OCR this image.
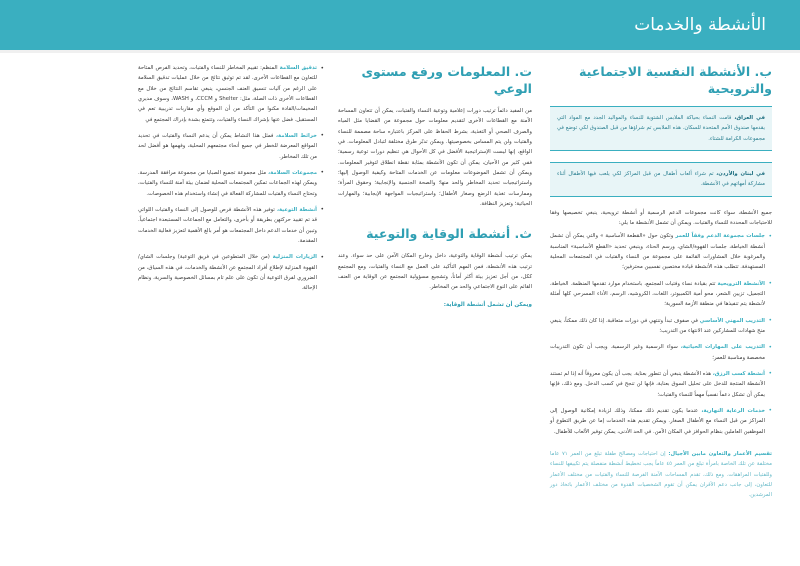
الأنشطة والخدمات
ب. الأنشطة النفسية الاجتماعية والترويحية

في العراق، قامت النساء بحياكة الملابس الشتوية للنساء والمواليد الجدد مع المواد التي يقدمها صندوق الأمم المتحدة للسكان. هذه الملابس تم شراؤها من قبل الصندوق لكي توضع في مجموعات الكرامة للشتاء.

في لبنان والأردن، تم شراء ألعاب أطفال من قبل المراكز لكي يلعب فيها الأطفال أثناء مشاركة أمهاتهم في الأنشطة.

جميع الأنشطة، سواء كانت مجموعات الدعم الرسمية أو أنشطة ترويحية، ينبغي تخصيصها وفقا للاحتياجات المحددة للنساء والفتيات. ويمكن أن تشمل الأنشطة ما يلي:

• جلسات مجموعة الدعم وفقاً للعمر وتكون حول «القطعة الأساسية » والتي يمكن أن تشمل أنشطة الخياطة، جلسات القهوة/الشاي، ورسم الحناء، وينبغي تحديد «القطع الأساسية» المناسبة والمرغوبة خلال المشاورات القائمة على مجموعة من النساء والفتيات في المجتمعات المحلية المستهدفة. تتطلب هذه الأنشطة قيادة مختصين نفسيين محترفين؛
• الأنشطة الترويحية تتم بقيادة نساء وفتيات المجتمع، باستخدام موارد تقدمها المنظمة. الخياطة، التجميل، تزيين الشعر، محو أمية الكمبيوتر، اللغات، الكروشيه، الرسم، الأداء المسرحي كلها أمثلة لأنشطة يتم تنفيذها في منطقة الأزمة السورية؛
• التدريب المهني الأساسي في صفوف تبدأ وتنتهي في دورات متعاقبة. إذا كان ذلك ممكناً، ينبغي منح شهادات للمشاركين عند الانتهاء من التدريب؛
• التدريب على المهارات الحياتية، سواء الرسمية وغير الرسمية. ويجب أن تكون التدريبات مخصصة ومناسبة للعمر؛
• أنشطة كسب الرزق، هذه الأنشطة ينبغي أن تتطور بعناية. يجب أن يكون معروفاً أنه إذا لم تستند الأنشطة المنتجة للدخل على تحليل السوق بعناية، فإنها لن تنجح في كسب الدخل. ومع ذلك، فإنها يمكن أن تشكل دعماً نفسياً مهماً للنساء والفتيات؛
• خدمات الرعاية النهارية، عندما يكون تقديم ذلك ممكنا، وذلك لزيادة إمكانية الوصول إلى المراكز من قبل النساء مع الأطفال الصغار. ويمكن تقديم هذه الخدمات إما عن طريق التطوع أو الموظفين العاملين بنظام الحوافز في المكان الآمن. في الحد الأدنى، يمكن توفير الألعاب للأطفال.

تقسيم الأعمار والتعاون مابين الأجيال: إن احتياجات ومصالح طفلة تبلغ من العمر ٧١ عاما مختلفة عن تلك الخاصة بامرأة تبلغ من العمر ٤٥ عاماً يجب تخطيط أنشطة منفصلة يتم تكييفها للنساء وللفتيات المراهقات. ومع ذلك، تقدم المساحات الآمنة الفرصة للنساء والفتيات من مختلف الأعمار للتعاون، إلى جانب دعم الأقران يمكن أن تقوم الشخصيات القدوة من مختلف الأعمار باتخاذ دور المرشدين.

ت. المعلومات ورفع مستوى الوعي

من المفيد دائماً ترتيب دورات إعلامية وتوعية النساء والفتيات، يمكن أن تتعاون المساحة الآمنة مع القطاعات الأخرى لتقديم معلومات حول مجموعة من القضايا مثل المياه والصرف الصحي أو التغذية، بشرط الحفاظ على المركز باعتباره ساحة مصممة للنساء والفتيات ولن يتم المساس بخصوصيتها. ويمكن تدبّر طرق مختلفة لتبادل المعلومات. في الواقع، إنها ليست الإستراتيجية الأفضل في كل الأحوال هي تنظيم دورات توعية رسمية؛ ففي كثير من الأحيان، يمكن أن تكون الأنشطة بمثابة نقطة انطلاق لتوفير المعلومات. ويمكن أن تشمل الموضوعات معلومات عن الخدمات المتاحة وكيفية الوصول إليها؛ واستراتيجيات تحديد المخاطر والحد منها؛ والصحة الجنسية والإنجابية؛ وحقوق المرأة؛ وممارسات تغذية الرضع وصغار الأطفال؛ واستراتيجيات المواجهة الإيجابية؛ والمهارات الحياتية؛ وتعزيز النظافة.

ث. أنشطة الوقاية والتوعية

يمكن ترتيب أنشطة الوقاية والتوعية، داخل وخارج المكان الآمن على حد سواء. وعند ترتيب هذه الأنشطة، فمن المهم التأكيد على العمل مع النساء والفتيات، ومع المجتمع ككل، من أجل تعزيز بيئة أكثر أماناً، وتشجيع مسؤولية المجتمع عن الوقاية من العنف القائم على النوع الاجتماعي والحد من المخاطر.

ويمكن أن تشمل أنشطة الوقاية:
• تدقيق السلامة المنظم: تقييم المخاطر للنساء والفتيات، وتحديد الفرص المتاحة للتعاون مع القطاعات الأخرى. لقد تم توثيق نتائج من خلال عمليات تدقيق السلامة على الرغم من آليات تنسيق العنف الجنسي، ينبغي تقاسم النتائج من خلال مع القطاعات الأخرى ذات الصلة، مثل: Shelter و CCCM، و WASH، وسوف مديري المخيمات/القادة مكنوا من التأكد من أن الموقع وأي مقاربات تدريبية تعم في المستقبل. فضل عنها بإشراك النساء والفتيات، وتتمتع بشدة بإدراك المجتمع في
• خرائط السلامة، فمثل هذا النشاط يمكن أن يدعم النساء والفتيات في تحديد المواقع المعرضة للخطر في جميع أنحاء مجتمعهم المحلية، وفهمها هو أفضل لحد من تلك المخاطر.
• مجموعات السلامة، مثل مجموعة تجميع الصبايا من مجموعة مرافقة المدرسة. ويمكن لهذه الجماعات تمكين المجتمعات المحلية لضمان بيئة آمنة للنساء والفتيات، وتحتاج النساء والفتيات للمشاركة الفعالة في إنشاء واستخدام هذه الخصوصات.
• أنشطة التوعية، توفير هذه الأنشطة فرص للوصول إلى النساء والفتيات اللواتي قد تم تقييد حركتهن بطريقة أو بأخرى، والتعامل مع الجماعات المستبعدة اجتماعياً. وتبين أن خدمات الدعم داخل المجتمعات هو أمر بالغ الأهمية لتعزيز فعالية الخدمات المقدمة.
• الزيارات المنزلية (من خلال المتطوعين في فريق التوعية) وجلسات الشاي/القهوة المنزلية لإطلاع أفراد المجتمع عن الأنشطة والخدمات، في هذه السياق، من الضروري لفرق التوعية أن تكون على علم تام بمسائل الخصوصية والسرية، ونظام الإحالة.
